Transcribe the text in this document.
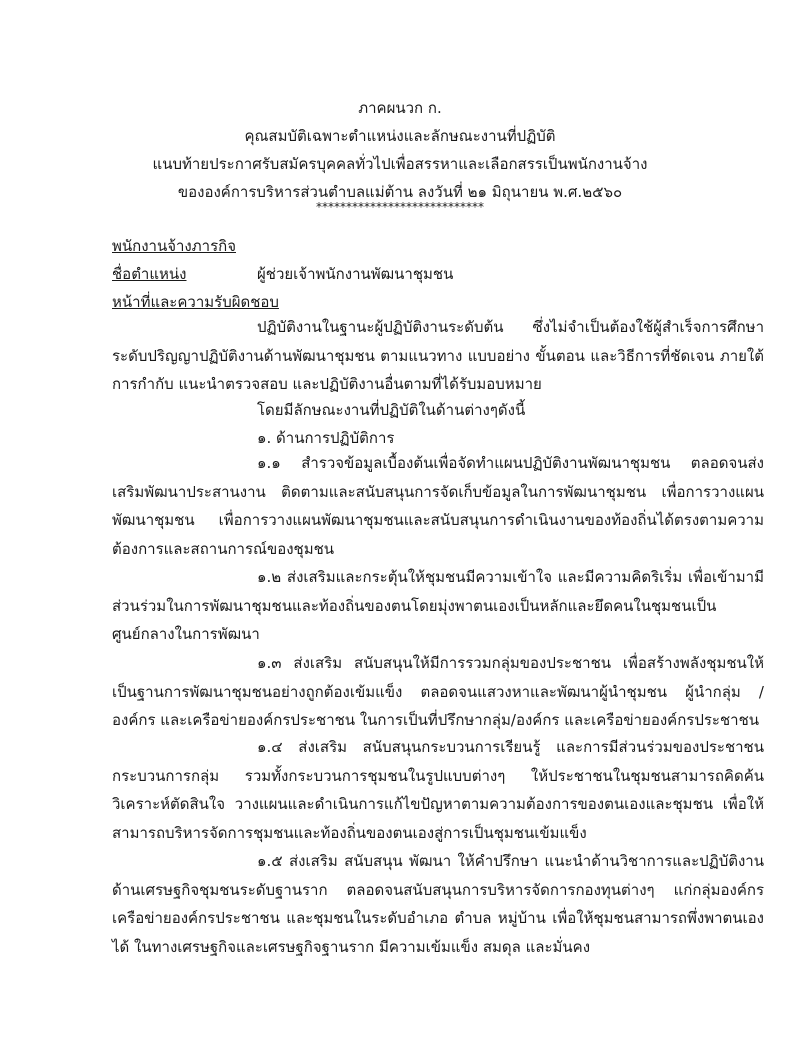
ภาคผนวก ก.
คุณสมบัติเฉพาะตำแหน่งและลักษณะงานที่ปฏิบัติ
แนบท้ายประกาศรับสมัครบุคคลทั่วไปเพื่อสรรหาและเลือกสรรเป็นพนักงานจ้าง
ขององค์การบริหารส่วนตำบลแม่ต้าน ลงวันที่ ๒๑ มิถุนายน พ.ศ.๒๕๖๐
****************************
พนักงานจ้างภารกิจ
ชื่อตำแหน่ง	ผู้ช่วยเจ้าพนักงานพัฒนาชุมชน
หน้าที่และความรับผิดชอบ
ปฏิบัติงานในฐานะผู้ปฏิบัติงานระดับต้น ซึ่งไม่จำเป็นต้องใช้ผู้สำเร็จการศึกษาระดับปริญญาปฏิบัติงานด้านพัฒนาชุมชน ตามแนวทาง แบบอย่าง ขั้นตอน และวิธีการที่ชัดเจน ภายใต้ การกำกับ แนะนำตรวจสอบ และปฏิบัติงานอื่นตามที่ได้รับมอบหมาย
โดยมีลักษณะงานที่ปฏิบัติในด้านต่างๆดังนี้
๑. ด้านการปฏิบัติการ
๑.๑ สำรวจข้อมูลเบื้องต้นเพื่อจัดทำแผนปฏิบัติงานพัฒนาชุมชน ตลอดจนส่งเสริมพัฒนาประสานงาน ติดตามและสนับสนุนการจัดเก็บข้อมูลในการพัฒนาชุมชน เพื่อการวางแผนพัฒนาชุมชน เพื่อการวางแผนพัฒนาชุมชนและสนับสนุนการดำเนินงานของท้องถิ่นได้ตรงตามความต้องการและสถานการณ์ของชุมชน
๑.๒ ส่งเสริมและกระตุ้นให้ชุมชนมีความเข้าใจ และมีความคิดริเริ่ม เพื่อเข้ามามีส่วนร่วมในการพัฒนาชุมชนและท้องถิ่นของตนโดยมุ่งพาตนเองเป็นหลักและยึดคนในชุมชนเป็นศูนย์กลางในการพัฒนา
๑.๓ ส่งเสริม สนับสนุนให้มีการรวมกลุ่มของประชาชน เพื่อสร้างพลังชุมชนให้เป็นฐานการพัฒนาชุมชนอย่างถูกต้องเข้มแข็ง ตลอดจนแสวงหาและพัฒนาผู้นำชุมชน ผู้นำกลุ่ม / องค์กร และเครือข่ายองค์กรประชาชน ในการเป็นที่ปรึกษากลุ่ม/องค์กร และเครือข่ายองค์กรประชาชน
๑.๔ ส่งเสริม สนับสนุนกระบวนการเรียนรู้ และการมีส่วนร่วมของประชาชนกระบวนการกลุ่ม รวมทั้งกระบวนการชุมชนในรูปแบบต่างๆ ให้ประชาชนในชุมชนสามารถคิดค้น วิเคราะห์ตัดสินใจ วางแผนและดำเนินการแก้ไขปัญหาตามความต้องการของตนเองและชุมชน เพื่อให้สามารถบริหารจัดการชุมชนและท้องถิ่นของตนเองสู่การเป็นชุมชนเข้มแข็ง
๑.๕ ส่งเสริม สนับสนุน พัฒนา ให้คำปรึกษา แนะนำด้านวิชาการและปฏิบัติงานด้านเศรษฐกิจชุมชนระดับฐานราก ตลอดจนสนับสนุนการบริหารจัดการกองทุนต่างๆ แก่กลุ่มองค์กร เครือข่ายองค์กรประชาชน และชุมชนในระดับอำเภอ ตำบล หมู่บ้าน เพื่อให้ชุมชนสามารถพึ่งพาตนเองได้ ในทางเศรษฐกิจและเศรษฐกิจฐานราก มีความเข้มแข็ง สมดุล และมั่นคง
